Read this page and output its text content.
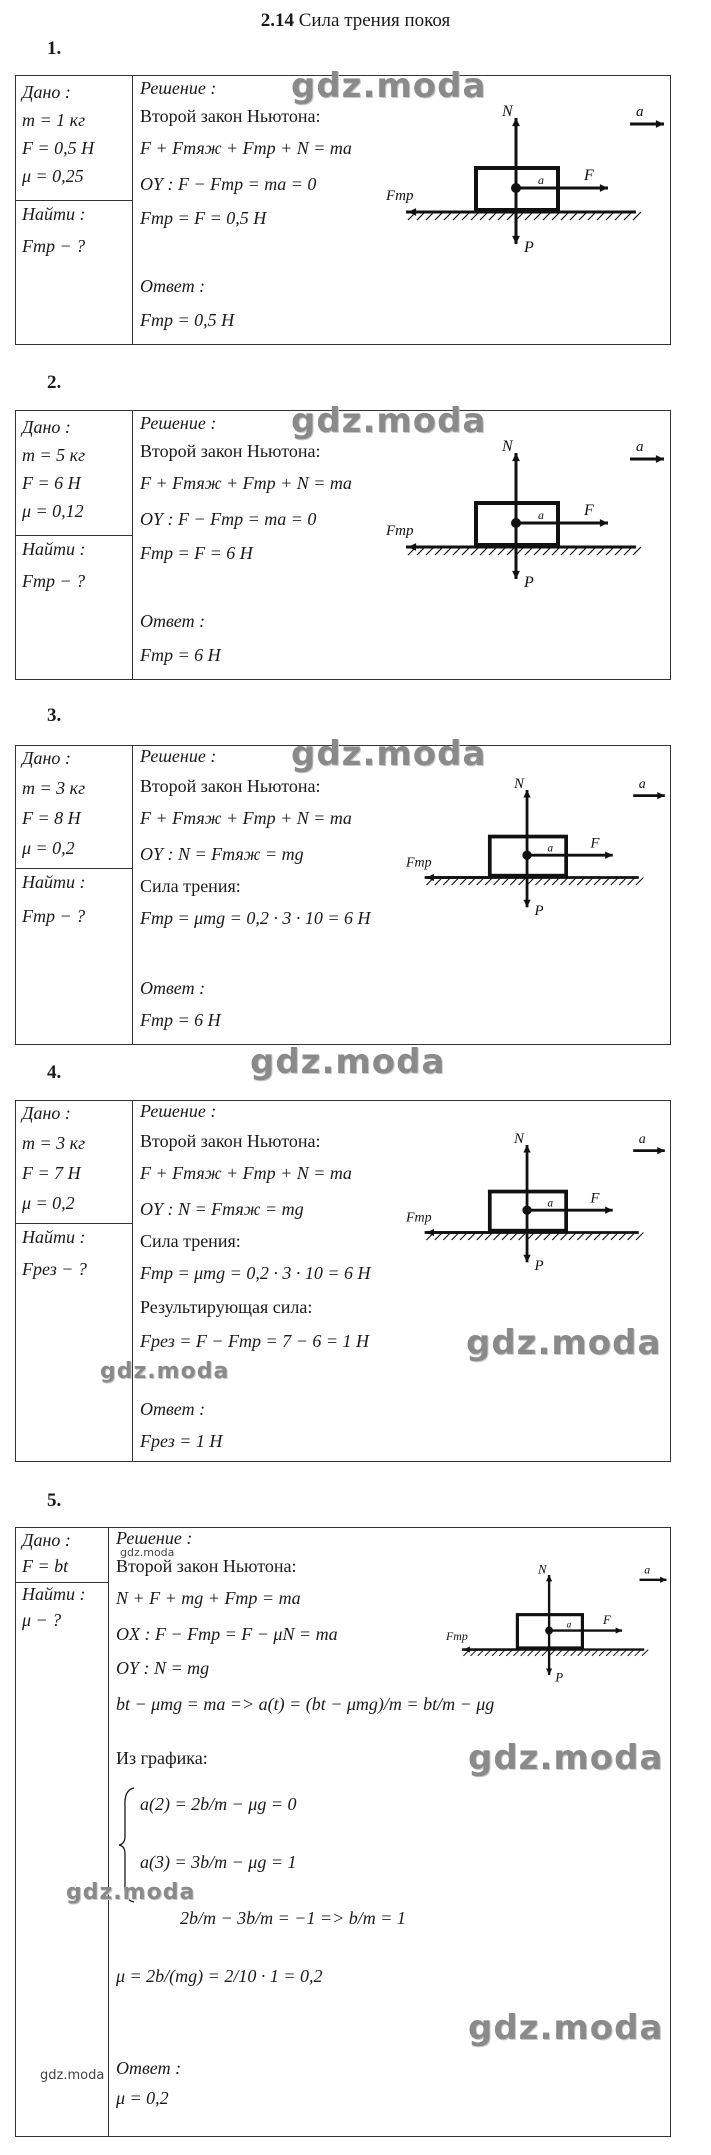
2.14 Сила трения покоя
1.
Дано :
m = 1 кг
F = 0,5 Н
μ = 0,25
Найти :
Fтр − ?
Решение :
Второй закон Ньютона:
F + Fтяж + Fтр + N = ma
OY : F − Fтр = ma = 0
Fтр = F = 0,5 Н
Ответ :
Fтр = 0,5 Н
gdz.moda
a
N
P
F
Fтр
a
2.
Дано :
m = 5 кг
F = 6 Н
μ = 0,12
Найти :
Fтр − ?
Решение :
Второй закон Ньютона:
F + Fтяж + Fтр + N = ma
OY : F − Fтр = ma = 0
Fтр = F = 6 Н
Ответ :
Fтр = 6 Н
gdz.moda
a
N
P
F
Fтр
a
3.
Дано :
m = 3 кг
F = 8 Н
μ = 0,2
Найти :
Fтр − ?
Решение :
Второй закон Ньютона:
F + Fтяж + Fтр + N = ma
OY : N = Fтяж = mg
Сила трения:
Fтр = μmg = 0,2 · 3 · 10 = 6 Н
Ответ :
Fтр = 6 Н
gdz.moda
a
N
P
F
Fтр
a
gdz.moda
4.
Дано :
m = 3 кг
F = 7 Н
μ = 0,2
Найти :
Fрез − ?
Решение :
Второй закон Ньютона:
F + Fтяж + Fтр + N = ma
OY : N = Fтяж = mg
Сила трения:
Fтр = μmg = 0,2 · 3 · 10 = 6 Н
Результирующая сила:
Fрез = F − Fтр = 7 − 6 = 1 Н
Ответ :
Fрез = 1 Н
gdz.moda
gdz.moda
a
N
P
F
Fтр
a
5.
Дано :
F = bt
Найти :
μ − ?
Решение :
Второй закон Ньютона:
N + F + mg + Fтр = ma
OX : F − Fтр = F − μN = ma
OY : N = mg
bt − μmg = ma => a(t) = (bt − μmg)/m = bt/m − μg
Из графика:
a(2) = 2b/m − μg = 0
a(3) = 3b/m − μg = 1
2b/m − 3b/m = −1 => b/m = 1
μ = 2b/(mg) = 2/10 · 1 = 0,2
Ответ :
μ = 0,2
gdz.moda
gdz.moda
gdz.moda
gdz.moda
gdz.moda
a
N
P
F
Fтр
a
